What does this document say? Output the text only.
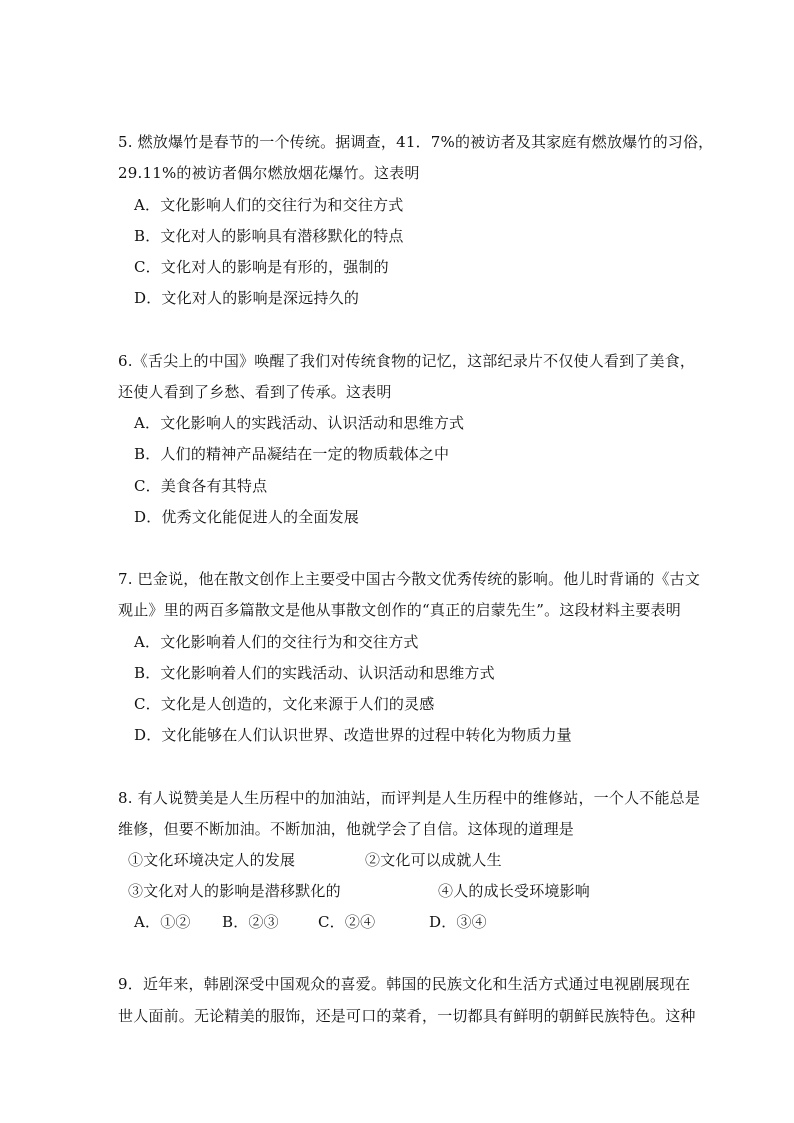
5. 燃放爆竹是春节的一个传统。据调查，41．7%的被访者及其家庭有燃放爆竹的习俗，
29.11%的被访者偶尔燃放烟花爆竹。这表明
A．文化影响人们的交往行为和交往方式
B．文化对人的影响具有潜移默化的特点
C．文化对人的影响是有形的，强制的
D．文化对人的影响是深远持久的
6.《舌尖上的中国》唤醒了我们对传统食物的记忆，这部纪录片不仅使人看到了美食，
还使人看到了乡愁、看到了传承。这表明
A．文化影响人的实践活动、认识活动和思维方式
B．人们的精神产品凝结在一定的物质载体之中
C．美食各有其特点
D．优秀文化能促进人的全面发展
7. 巴金说，他在散文创作上主要受中国古今散文优秀传统的影响。他儿时背诵的《古文
观止》里的两百多篇散文是他从事散文创作的“真正的启蒙先生”。这段材料主要表明
A．文化影响着人们的交往行为和交往方式
B．文化影响着人们的实践活动、认识活动和思维方式
C．文化是人创造的，文化来源于人们的灵感
D．文化能够在人们认识世界、改造世界的过程中转化为物质力量
8. 有人说赞美是人生历程中的加油站，而评判是人生历程中的维修站，一个人不能总是
维修，但要不断加油。不断加油，他就学会了自信。这体现的道理是
①文化环境决定人的发展	②文化可以成就人生
③文化对人的影响是潜移默化的	④人的成长受环境影响
A．①② B．②③	C．②④	D．③④
9．近年来，韩剧深受中国观众的喜爱。韩国的民族文化和生活方式通过电视剧展现在
世人面前。无论精美的服饰，还是可口的菜肴，一切都具有鲜明的朝鲜民族特色。这种
